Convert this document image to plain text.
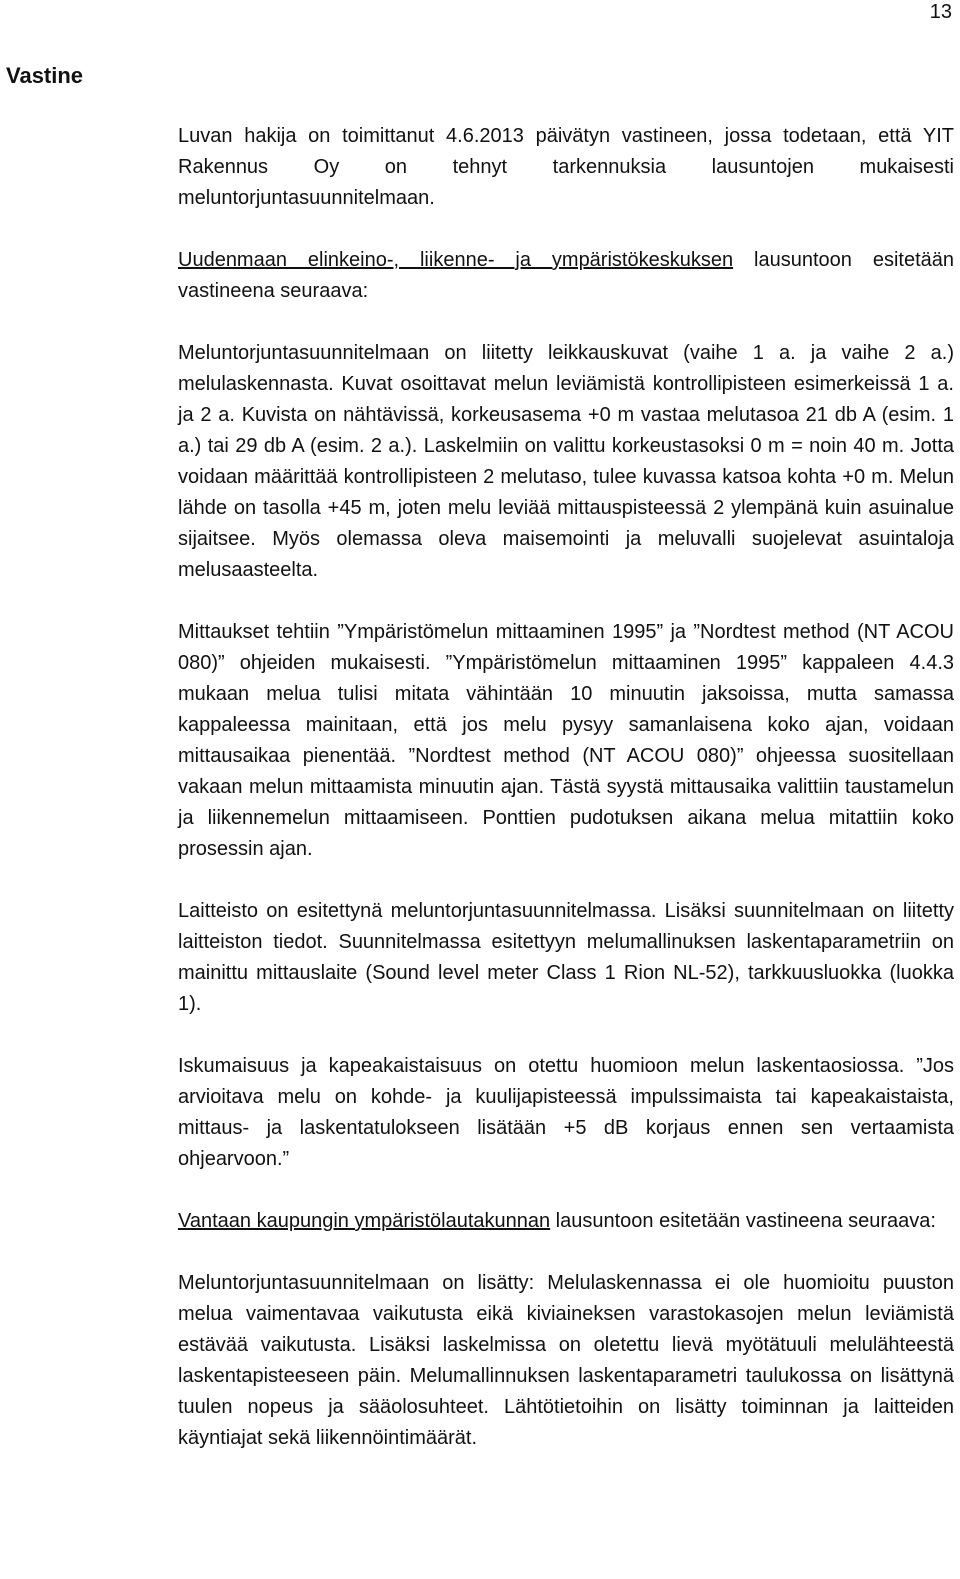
13
Vastine

Luvan hakija on toimittanut 4.6.2013 päivätyn vastineen, jossa todetaan, että YIT Rakennus Oy on tehnyt tarkennuksia lausuntojen mukaisesti meluntorjuntasuunnitelmaan.

Uudenmaan elinkeino-, liikenne- ja ympäristökeskuksen lausuntoon esitetään vastineena seuraava:

Meluntorjuntasuunnitelmaan on liitetty leikkauskuvat (vaihe 1 a. ja vaihe 2 a.) melulaskennasta. Kuvat osoittavat melun leviämistä kontrollipisteen esimerkeissä 1 a. ja 2 a. Kuvista on nähtävissä, korkeusasema +0 m vastaa melutasoa 21 db A (esim. 1 a.) tai 29 db A (esim. 2 a.). Laskelmiin on valittu korkeustasoksi 0 m = noin 40 m. Jotta voidaan määrittää kontrollipisteen 2 melutaso, tulee kuvassa katsoa kohta +0 m. Melun lähde on tasolla +45 m, joten melu leviää mittauspisteessä 2 ylempänä kuin asuinalue sijaitsee. Myös olemassa oleva maisemointi ja meluvalli suojelevat asuintaloja melusaasteelta.

Mittaukset tehtiin ”Ympäristömelun mittaaminen 1995” ja ”Nordtest method (NT ACOU 080)” ohjeiden mukaisesti. ”Ympäristömelun mittaaminen 1995” kappaleen 4.4.3 mukaan melua tulisi mitata vähintään 10 minuutin jaksoissa, mutta samassa kappaleessa mainitaan, että jos melu pysyy samanlaisena koko ajan, voidaan mittausaikaa pienentää. ”Nordtest method (NT ACOU 080)” ohjeessa suositellaan vakaan melun mittaamista minuutin ajan. Tästä syystä mittausaika valittiin taustamelun ja liikennemelun mittaamiseen. Ponttien pudotuksen aikana melua mitattiin koko prosessin ajan.

Laitteisto on esitettynä meluntorjuntasuunnitelmassa. Lisäksi suunnitelmaan on liitetty laitteiston tiedot. Suunnitelmassa esitettyyn melumallinuksen laskentaparametriin on mainittu mittauslaite (Sound level meter Class 1 Rion NL-52), tarkkuusluokka (luokka 1).

Iskumaisuus ja kapeakaistaisuus on otettu huomioon melun laskentaosiossa. ”Jos arvioitava melu on kohde- ja kuulijapisteessä impulssimaista tai kapeakaistaista, mittaus- ja laskentatulokseen lisätään +5 dB korjaus ennen sen vertaamista ohjearvoon.”

Vantaan kaupungin ympäristölautakunnan lausuntoon esitetään vastineena seuraava:

Meluntorjuntasuunnitelmaan on lisätty: Melulaskennassa ei ole huomioitu puuston melua vaimentavaa vaikutusta eikä kiviaineksen varastokasojen melun leviämistä estävää vaikutusta. Lisäksi laskelmissa on oletettu lievä myötätuuli melulähteestä laskentapisteeseen päin. Melumallinnuksen laskentaparametri taulukossa on lisättynä tuulen nopeus ja sääolosuhteet. Lähtötietoihin on lisätty toiminnan ja laitteiden käyntiajat sekä liikennöintimäärät.
